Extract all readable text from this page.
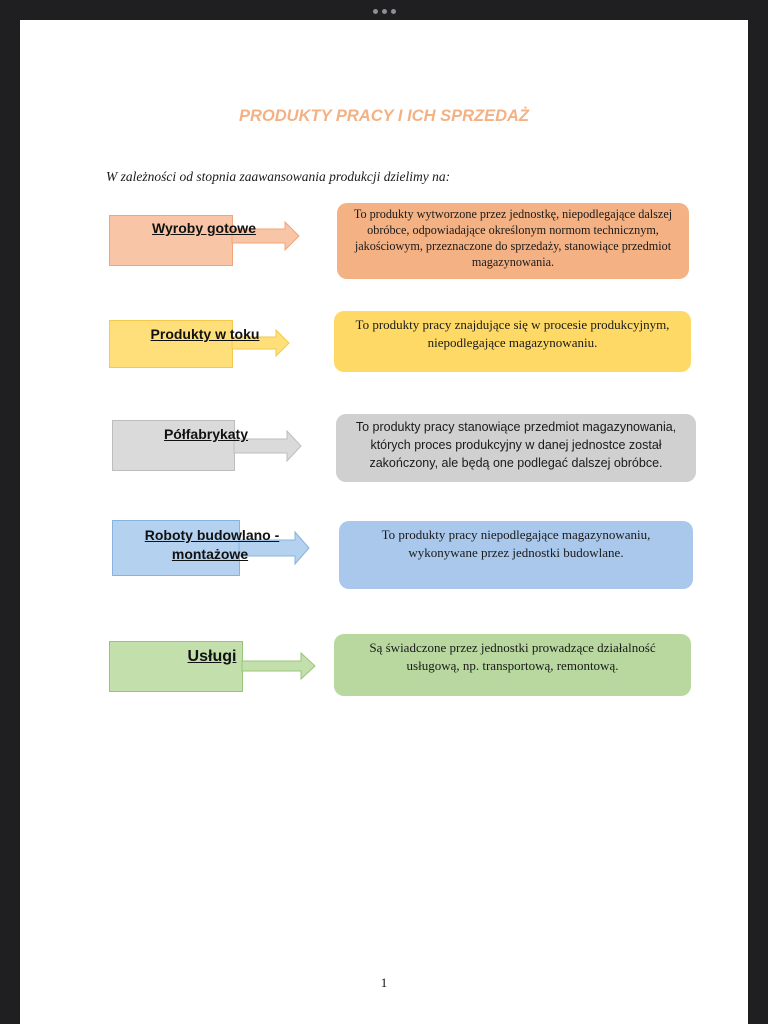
PRODUKTY PRACY I ICH SPRZEDAŻ
W zależności od stopnia zaawansowania produkcji dzielimy na:
Wyroby gotowe
To produkty wytworzone przez jednostkę, niepodlegające dalszej obróbce, odpowiadające określonym normom technicznym, jakościowym, przeznaczone do sprzedaży, stanowiące przedmiot magazynowania.
Produkty w toku
To produkty pracy znajdujące się w procesie produkcyjnym, niepodlegające magazynowaniu.
Półfabrykaty	To produkty pracy stanowiące przedmiot magazynowania, których proces produkcyjny w danej jednostce został zakończony, ale będą one podlegać dalszej obróbce.
Roboty budowlano -
montażowe
To produkty pracy niepodlegające magazynowaniu, wykonywane przez jednostki budowlane.
Usługi
Są świadczone przez jednostki prowadzące działalność usługową, np. transportową, remontową.
1
